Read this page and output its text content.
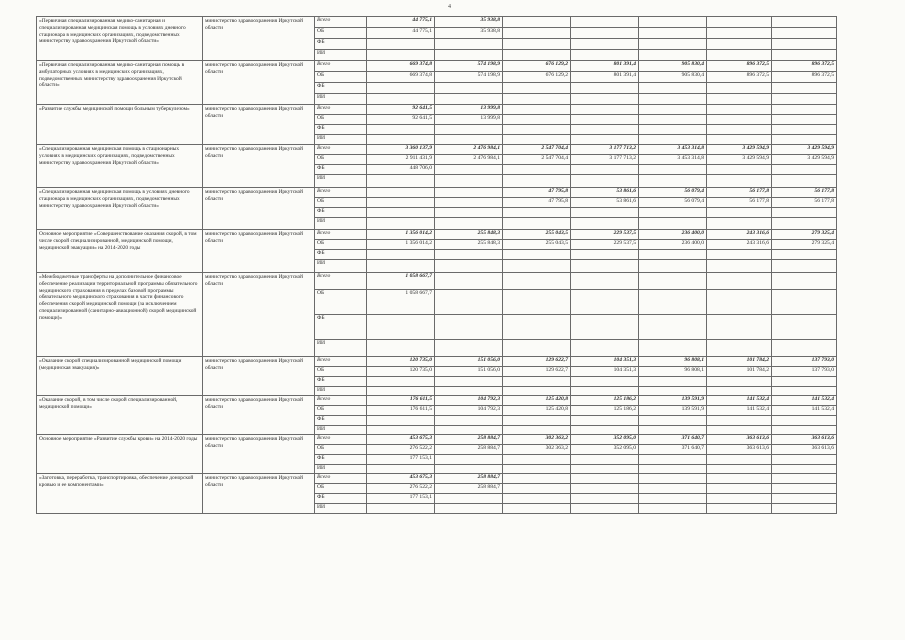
4
«Первичная специализированная медико-санитарная и специализированная медицинская помощь в условиях дневного стационара в медицинских организациях, подведомственных министерству здравоохранения Иркутской области»	министерство здравоохранения Иркутской области	Всего	44 775,1	35 938,8					
		ОБ	44 775,1	35 938,8					
		ФБ							
		ИИ							
«Первичная специализированная медико-санитарная помощь в амбулаторных условиях в медицинских организациях, подведомственных министерству здравоохранения Иркутской области»	министерство здравоохранения Иркутской области	Всего	669 374,8	574 198,9	676 129,2	801 391,4	905 830,4	896 372,5	896 372,5
		ОБ	669 374,8	574 198,9	676 129,2	801 391,4	905 830,4	896 372,5	896 372,5
		ФБ							
		ИИ							
«Развитие службы медицинской помощи больным туберкулезом»	министерство здравоохранения Иркутской области	Всего	92 641,5	13 999,8					
		ОБ	92 641,5	13 999,8					
		ФБ							
		ИИ							
«Специализированная медицинская помощь в стационарных условиях в медицинских организациях, подведомственных министерству здравоохранения Иркутской области»	министерство здравоохранения Иркутской области	Всего	3 360 137,9	2 476 984,1	2 547 704,4	3 177 713,2	3 453 314,8	3 429 594,9	3 429 594,9
		ОБ	2 911 431,9	2 476 984,1	2 547 704,4	3 177 713,2	3 453 314,8	3 429 594,9	3 429 594,9
		ФБ	448 706,0						
		ИИ							
«Специализированная медицинская помощь в условиях дневного стационара в медицинских организациях, подведомственных министерству здравоохранения Иркутской области»	министерство здравоохранения Иркутской области	Всего			47 795,8	53 861,6	56 079,4	56 177,8	56 177,8
		ОБ			47 795,8	53 861,6	56 079,4	56 177,8	56 177,8
		ФБ							
		ИИ							
Основное мероприятие «Совершенствование оказания скорой, в том числе скорой специализированной, медицинской помощи, медицинской эвакуации» на 2014-2020 годы	министерство здравоохранения Иркутской области	Всего	1 356 014,2	255 848,3	255 043,5	229 537,5	236 400,0	243 316,6	279 325,4
		ОБ	1 356 014,2	255 848,3	255 043,5	229 537,5	236 400,0	243 316,6	279 325,4
		ФБ							
		ИИ							
«Межбюджетные трансферты на дополнительное финансовое обеспечение реализации территориальной программы обязательного медицинского страхования в пределах базовой программы обязательного медицинского страхования в части финансового обеспечения скорой медицинской помощи (за исключением специализированной (санитарно-авиационной) скорой медицинской помощи)»	министерство здравоохранения Иркутской области	Всего	1 058 667,7						
		ОБ	1 058 667,7						
		ФБ							
		ИИ							
«Оказание скорой специализированной медицинской помощи (медицинская эвакуация)»	министерство здравоохранения Иркутской области	Всего	120 735,0	151 056,0	129 622,7	104 351,3	96 808,1	101 784,2	137 793,0
		ОБ	120 735,0	151 056,0	129 622,7	104 351,3	96 808,1	101 784,2	137 793,0
		ФБ							
		ИИ							
«Оказание скорой, в том числе скорой специализированной, медицинской помощи»	министерство здравоохранения Иркутской области	Всего	176 611,5	104 792,3	125 420,8	125 186,2	139 591,9	141 532,4	141 532,4
		ОБ	176 611,5	104 792,3	125 420,8	125 186,2	139 591,9	141 532,4	141 532,4
		ФБ							
		ИИ							
Основное мероприятие «Развитие службы крови» на 2014-2020 годы	министерство здравоохранения Иркутской области	Всего	453 675,3	258 884,7	302 363,2	352 095,0	371 640,7	363 613,6	363 613,6
		ОБ	276 522,2	258 884,7	302 363,2	352 095,0	371 640,7	363 613,6	363 613,6
		ФБ	177 153,1						
		ИИ							
«Заготовка, переработка, транспортировка, обеспечение донорской кровью и ее компонентами»	министерство здравоохранения Иркутской области	Всего	453 675,3	258 884,7					
		ОБ	276 522,2	258 884,7					
		ФБ	177 153,1						
		ИИ							
